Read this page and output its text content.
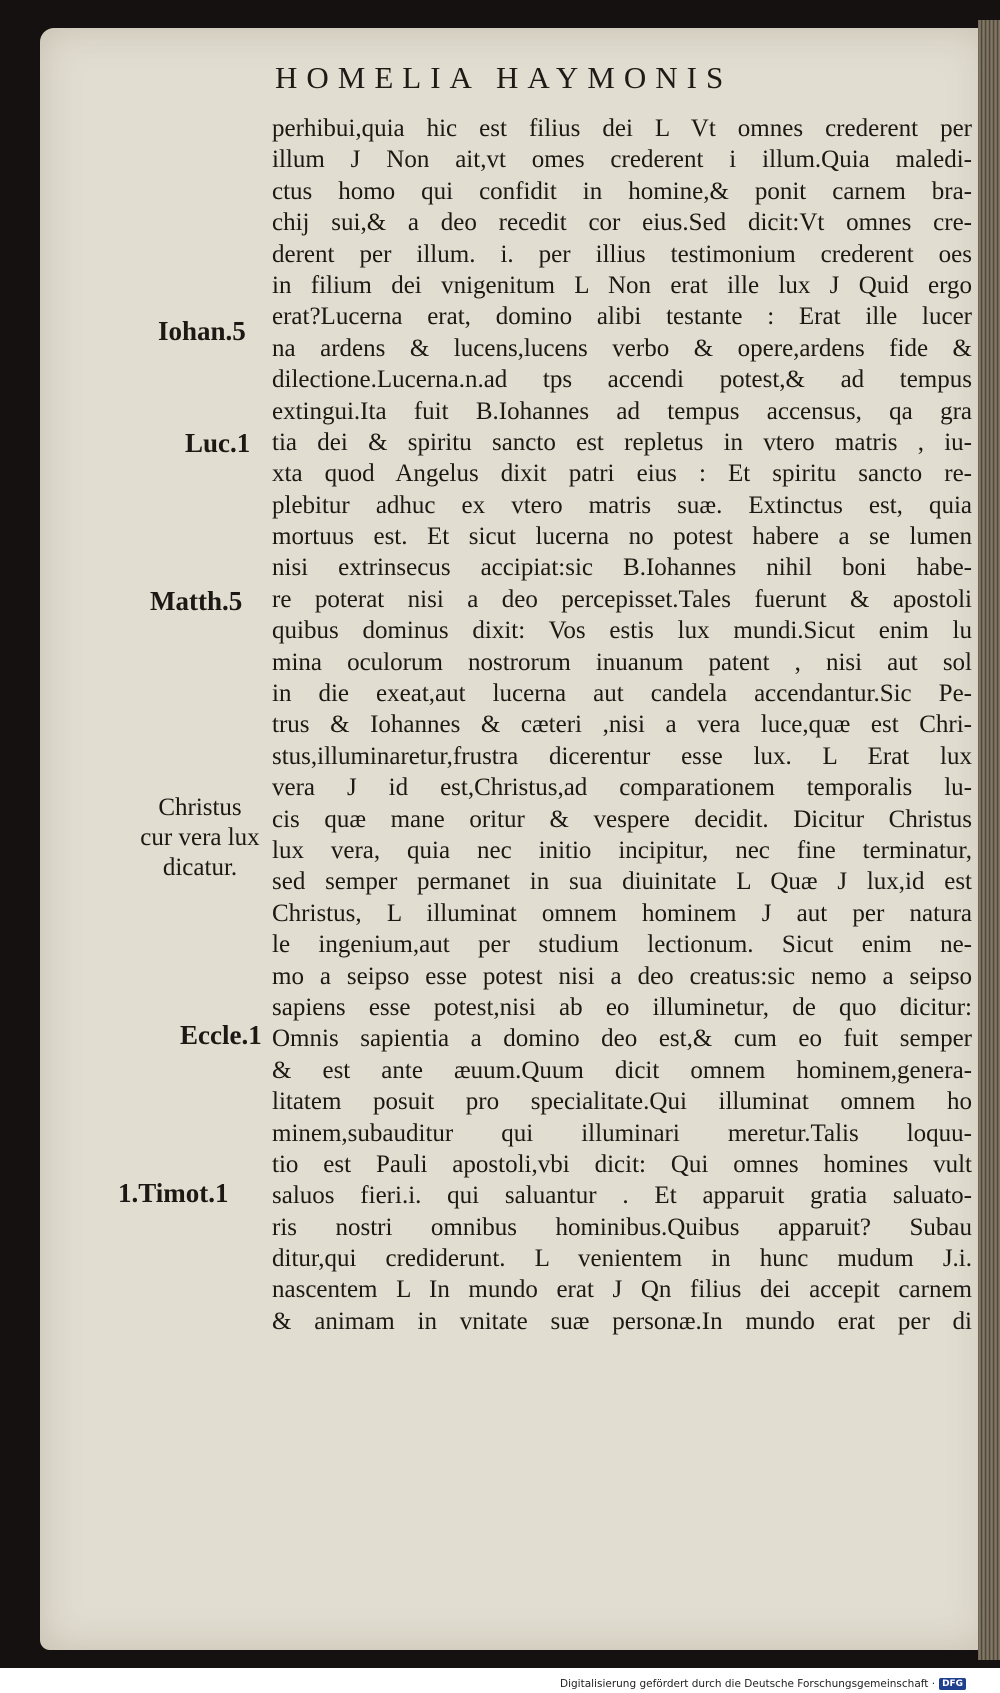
HOMELIA HAYMONIS
perhibui,quia hic est filius dei L Vt omnes crederent per
illum J Non ait,vt omes crederent i illum.Quia maledi-
ctus homo qui confidit in homine,& ponit carnem bra-
chij sui,& a deo recedit cor eius.Sed dicit:Vt omnes cre-
derent per illum. i. per illius testimonium crederent oes
in filium dei vnigenitum L Non erat ille lux J Quid ergo
erat?Lucerna erat, domino alibi testante : Erat ille lucer
na ardens & lucens,lucens verbo & opere,ardens fide &
dilectione.Lucerna.n.ad tps accendi potest,& ad tempus
extingui.Ita fuit B.Iohannes ad tempus accensus, qa gra
tia dei & spiritu sancto est repletus in vtero matris , iu-
xta quod Angelus dixit patri eius : Et spiritu sancto re-
plebitur adhuc ex vtero matris suæ. Extinctus est, quia
mortuus est. Et sicut lucerna no potest habere a se lumen
nisi extrinsecus accipiat:sic B.Iohannes nihil boni habe-
re poterat nisi a deo percepisset.Tales fuerunt & apostoli
quibus dominus dixit: Vos estis lux mundi.Sicut enim lu
mina oculorum nostrorum inuanum patent , nisi aut sol
in die exeat,aut lucerna aut candela accendantur.Sic Pe-
trus & Iohannes & cæteri ,nisi a vera luce,quæ est Chri-
stus,illuminaretur,frustra dicerentur esse lux. L Erat lux
vera J id est,Christus,ad comparationem temporalis lu-
cis quæ mane oritur & vespere decidit. Dicitur Christus
lux vera, quia nec initio incipitur, nec fine terminatur,
sed semper permanet in sua diuinitate L Quæ J lux,id est
Christus, L illuminat omnem hominem J aut per natura
le ingenium,aut per studium lectionum. Sicut enim ne-
mo a seipso esse potest nisi a deo creatus:sic nemo a seipso
sapiens esse potest,nisi ab eo illuminetur, de quo dicitur:
Omnis sapientia a domino deo est,& cum eo fuit semper
& est ante æuum.Quum dicit omnem hominem,genera-
litatem posuit pro specialitate.Qui illuminat omnem ho
minem,subauditur qui illuminari meretur.Talis loquu-
tio est Pauli apostoli,vbi dicit: Qui omnes homines vult
saluos fieri.i. qui saluantur . Et apparuit gratia saluato-
ris nostri omnibus hominibus.Quibus apparuit? Subau
ditur,qui crediderunt. L venientem in hunc mudum J.i.
nascentem L In mundo erat J Qn filius dei accepit carnem
& animam in vnitate suæ personæ.In mundo erat per di
Iohan.5
Luc.1
Matth.5
Christus
cur vera lux
dicatur.
Eccle.1
1.Timot.1
Digitalisierung gefördert durch die Deutsche Forschungsgemeinschaft · DFG
